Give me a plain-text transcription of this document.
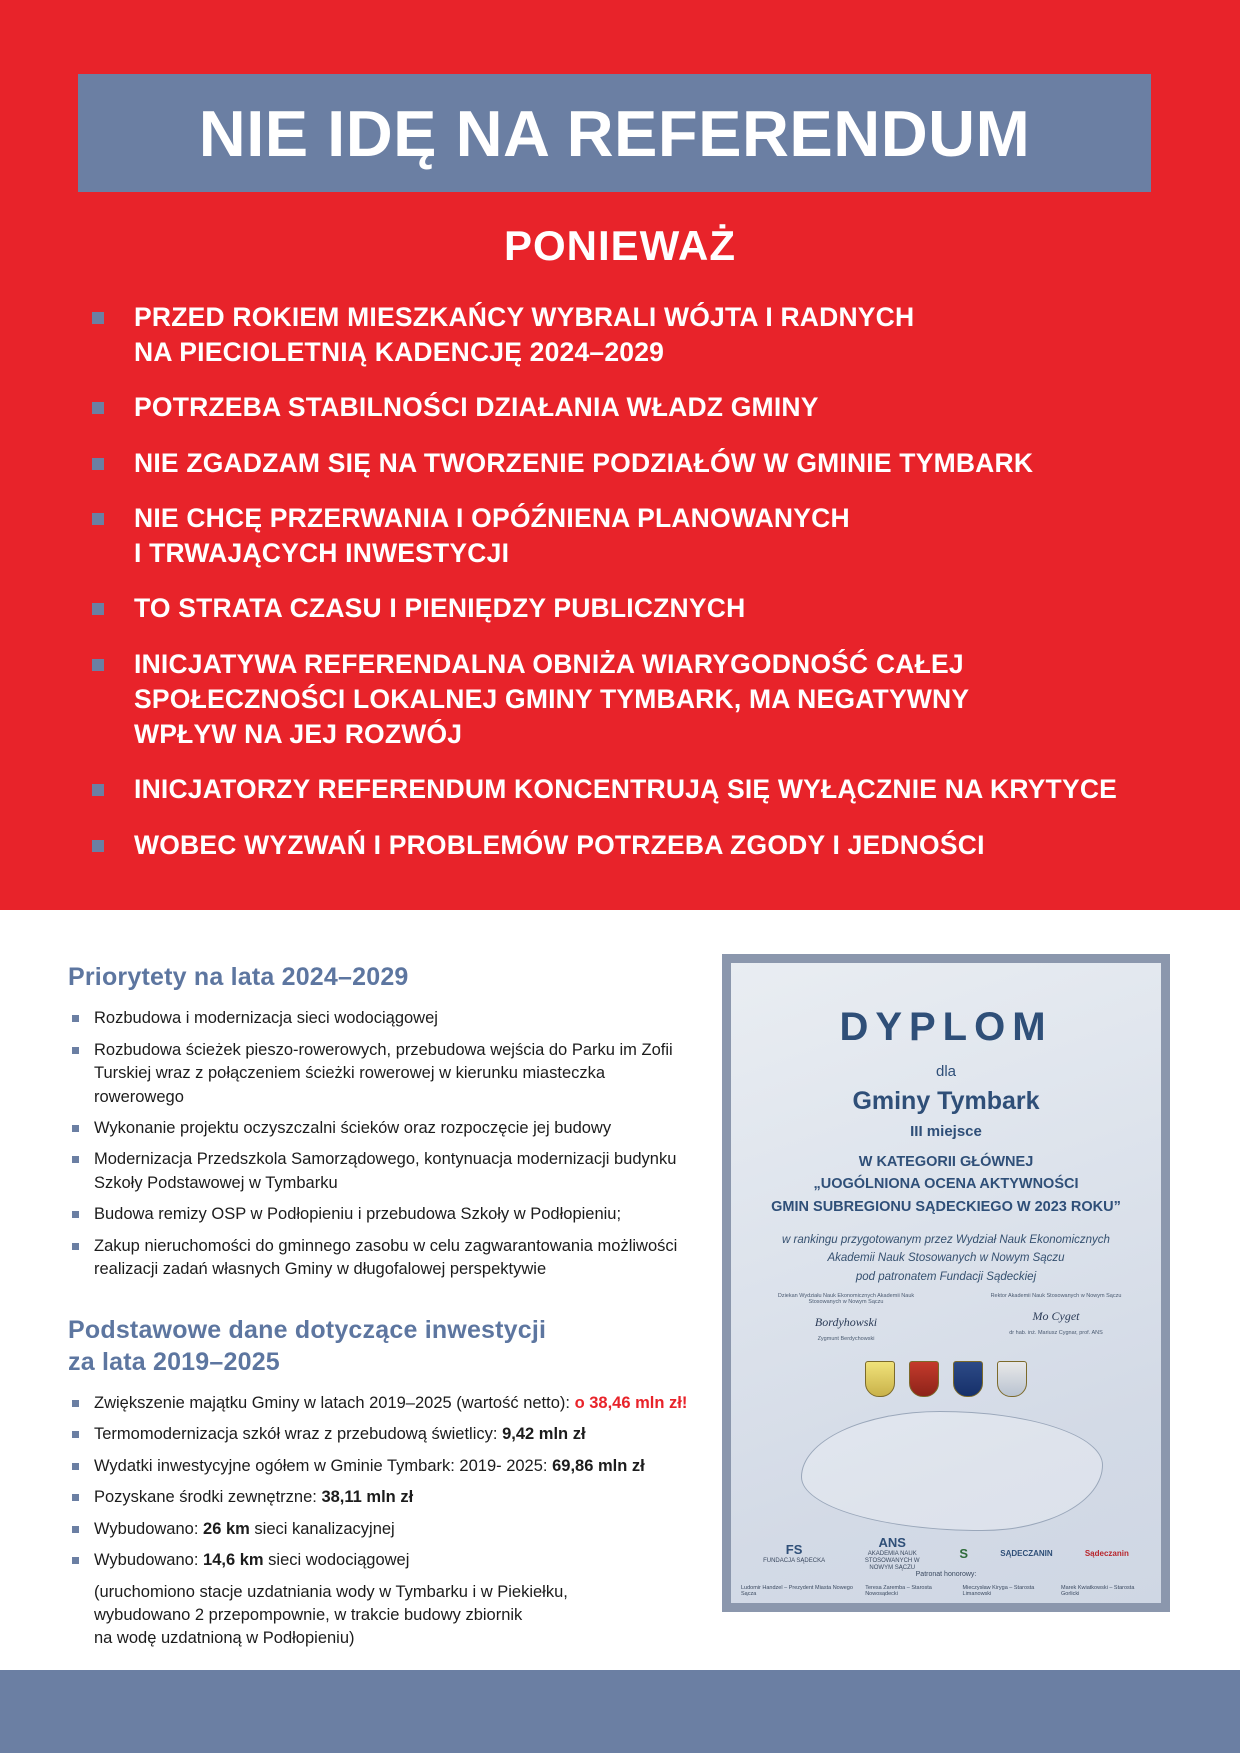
NIE IDĘ NA REFERENDUM
PONIEWAŻ
PRZED ROKIEM MIESZKAŃCY WYBRALI WÓJTA I RADNYCH
NA PIECIOLETNIĄ KADENCJĘ 2024–2029
POTRZEBA STABILNOŚCI DZIAŁANIA WŁADZ GMINY
NIE ZGADZAM SIĘ NA TWORZENIE PODZIAŁÓW W GMINIE TYMBARK
NIE CHCĘ PRZERWANIA I OPÓŹNIENA PLANOWANYCH
I TRWAJĄCYCH INWESTYCJI
TO STRATA CZASU I PIENIĘDZY PUBLICZNYCH
INICJATYWA REFERENDALNA OBNIŻA WIARYGODNOŚĆ CAŁEJ
SPOŁECZNOŚCI LOKALNEJ GMINY TYMBARK, MA NEGATYWNY
WPŁYW NA JEJ ROZWÓJ
INICJATORZY REFERENDUM KONCENTRUJĄ SIĘ WYŁĄCZNIE NA KRYTYCE
WOBEC WYZWAŃ I PROBLEMÓW POTRZEBA ZGODY I JEDNOŚCI
Priorytety na lata 2024–2029
Rozbudowa i modernizacja sieci wodociągowej
Rozbudowa ścieżek pieszo-rowerowych, przebudowa wejścia do Parku im Zofii Turskiej wraz z połączeniem ścieżki rowerowej w kierunku miasteczka rowerowego
Wykonanie projektu oczyszczalni ścieków oraz rozpoczęcie jej budowy
Modernizacja Przedszkola Samorządowego, kontynuacja modernizacji budynku Szkoły Podstawowej w Tymbarku
Budowa remizy OSP w Podłopieniu i przebudowa Szkoły w Podłopieniu;
Zakup nieruchomości do gminnego zasobu w celu zagwarantowania możliwości realizacji zadań własnych Gminy w długofalowej perspektywie
Podstawowe dane dotyczące inwestycji
za lata 2019–2025
Zwiększenie majątku Gminy w latach 2019–2025 (wartość netto): o 38,46 mln zł!
Termomodernizacja szkół wraz z przebudową świetlicy: 9,42 mln zł
Wydatki inwestycyjne ogółem w Gminie Tymbark: 2019- 2025: 69,86 mln zł
Pozyskane środki zewnętrzne: 38,11 mln zł
Wybudowano: 26 km sieci kanalizacyjnej
Wybudowano: 14,6 km sieci wodociągowej
(uruchomiono stacje uzdatniania wody w Tymbarku i w Piekiełku,
wybudowano 2 przepompownie, w trakcie budowy zbiornik
na wodę uzdatnioną w Podłopieniu)
DYPLOM
dla
Gminy Tymbark
III miejsce
W KATEGORII GŁÓWNEJ
„UOGÓLNIONA OCENA AKTYWNOŚCI
GMIN SUBREGIONU SĄDECKIEGO W 2023 ROKU”
w rankingu przygotowanym przez Wydział Nauk Ekonomicznych
Akademii Nauk Stosowanych w Nowym Sączu
pod patronatem Fundacji Sądeckiej
Dziekan Wydziału Nauk Ekonomicznych Akademii Nauk Stosowanych w Nowym Sączu
Bordyhowski
Zygmunt Berdychowski
Rektor Akademii Nauk Stosowanych w Nowym Sączu
Mo Cyget
dr hab. inż. Mariusz Cygnar, prof. ANS
FS
FUNDACJA SĄDECKA
ANS
AKADEMIA NAUK STOSOWANYCH W NOWYM SĄCZU
S	SĄDECZANIN	Sądeczanin
Patronat honorowy:
Ludomir Handzel – Prezydent Miasta Nowego Sącza
Teresa Zaremba – Starosta Nowosądecki
Mieczysław Kiryga – Starosta Limanowski
Marek Kwiatkowski – Starosta Gorlicki
